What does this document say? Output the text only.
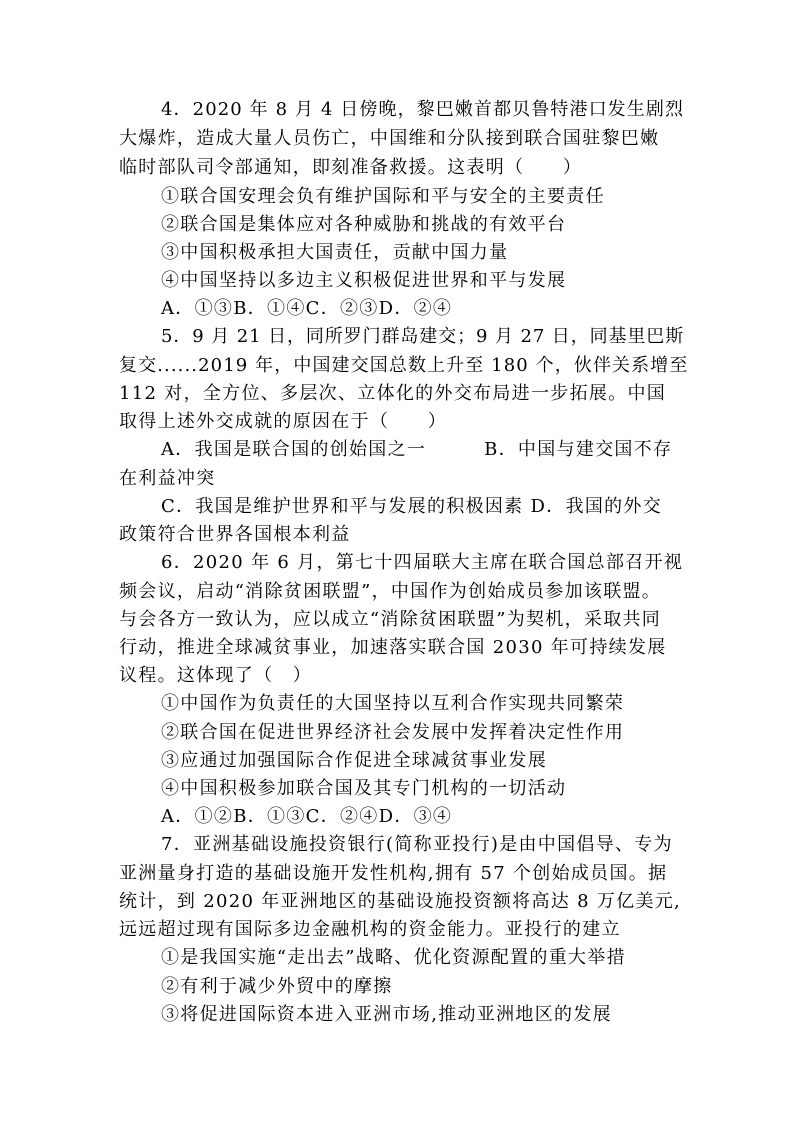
4．2020 年 8 月 4 日傍晚，黎巴嫩首都贝鲁特港口发生剧烈
大爆炸，造成大量人员伤亡，中国维和分队接到联合国驻黎巴嫩
临时部队司令部通知，即刻准备救援。这表明（　　）
①联合国安理会负有维护国际和平与安全的主要责任
②联合国是集体应对各种威胁和挑战的有效平台
③中国积极承担大国责任，贡献中国力量
④中国坚持以多边主义积极促进世界和平与发展
A．①③B．①④C．②③D．②④
5．9 月 21 日，同所罗门群岛建交；9 月 27 日，同基里巴斯
复交......2019 年，中国建交国总数上升至 180 个，伙伴关系增至
112 对，全方位、多层次、立体化的外交布局进一步拓展。中国
取得上述外交成就的原因在于（　　）
A．我国是联合国的创始国之一　　　B．中国与建交国不存
在利益冲突
C．我国是维护世界和平与发展的积极因素 D．我国的外交
政策符合世界各国根本利益
6．2020 年 6 月，第七十四届联大主席在联合国总部召开视
频会议，启动“消除贫困联盟”，中国作为创始成员参加该联盟。
与会各方一致认为，应以成立“消除贫困联盟”为契机，采取共同
行动，推进全球减贫事业，加速落实联合国 2030 年可持续发展
议程。这体现了（　）
①中国作为负责任的大国坚持以互利合作实现共同繁荣
②联合国在促进世界经济社会发展中发挥着决定性作用
③应通过加强国际合作促进全球减贫事业发展
④中国积极参加联合国及其专门机构的一切活动
A．①②B．①③C．②④D．③④
7．亚洲基础设施投资银行(简称亚投行)是由中国倡导、专为
亚洲量身打造的基础设施开发性机构,拥有 57 个创始成员国。据
统计，到 2020 年亚洲地区的基础设施投资额将高达 8 万亿美元,
远远超过现有国际多边金融机构的资金能力。亚投行的建立
①是我国实施“走出去”战略、优化资源配置的重大举措
②有利于减少外贸中的摩擦
③将促进国际资本进入亚洲市场,推动亚洲地区的发展
